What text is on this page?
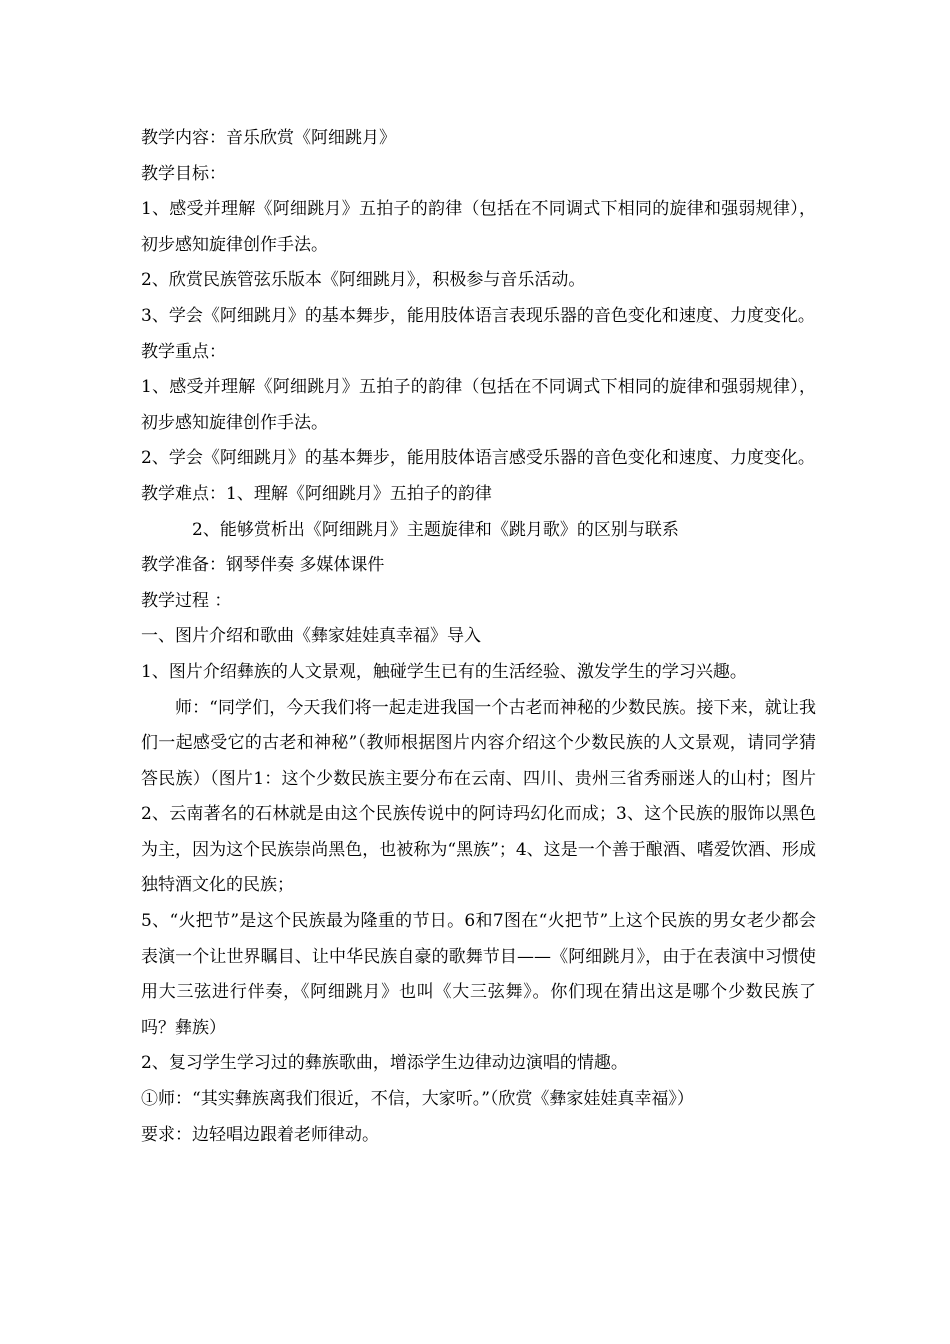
教学内容：音乐欣赏《阿细跳月》

教学目标：

1、感受并理解《阿细跳月》五拍子的韵律（包括在不同调式下相同的旋律和强弱规律），初步感知旋律创作手法。

2、欣赏民族管弦乐版本《阿细跳月》，积极参与音乐活动。

3、学会《阿细跳月》的基本舞步，能用肢体语言表现乐器的音色变化和速度、力度变化。

教学重点：

1、感受并理解《阿细跳月》五拍子的韵律（包括在不同调式下相同的旋律和强弱规律），初步感知旋律创作手法。

2、学会《阿细跳月》的基本舞步，能用肢体语言感受乐器的音色变化和速度、力度变化。

教学难点：1、理解《阿细跳月》五拍子的韵律

2、能够赏析出《阿细跳月》主题旋律和《跳月歌》的区别与联系

教学准备：钢琴伴奏 多媒体课件

教学过程 ：

一、图片介绍和歌曲《彝家娃娃真幸福》导入

1、图片介绍彝族的人文景观，触碰学生已有的生活经验、激发学生的学习兴趣。

师：“同学们，今天我们将一起走进我国一个古老而神秘的少数民族。接下来，就让我们一起感受它的古老和神秘”（教师根据图片内容介绍这个少数民族的人文景观，请同学猜答民族）（图片1：这个少数民族主要分布在云南、四川、贵州三省秀丽迷人的山村；图片2、云南著名的石林就是由这个民族传说中的阿诗玛幻化而成；3、这个民族的服饰以黑色为主，因为这个民族崇尚黑色，也被称为“黑族”；4、这是一个善于酿酒、嗜爱饮酒、形成独特酒文化的民族；

5、“火把节”是这个民族最为隆重的节日。6和7图在“火把节”上这个民族的男女老少都会表演一个让世界瞩目、让中华民族自豪的歌舞节目——《阿细跳月》，由于在表演中习惯使用大三弦进行伴奏，《阿细跳月》也叫《大三弦舞》。你们现在猜出这是哪个少数民族了吗？彝族）

2、复习学生学习过的彝族歌曲，增添学生边律动边演唱的情趣。

①师：“其实彝族离我们很近，不信，大家听。”（欣赏《彝家娃娃真幸福》）

要求：边轻唱边跟着老师律动。
